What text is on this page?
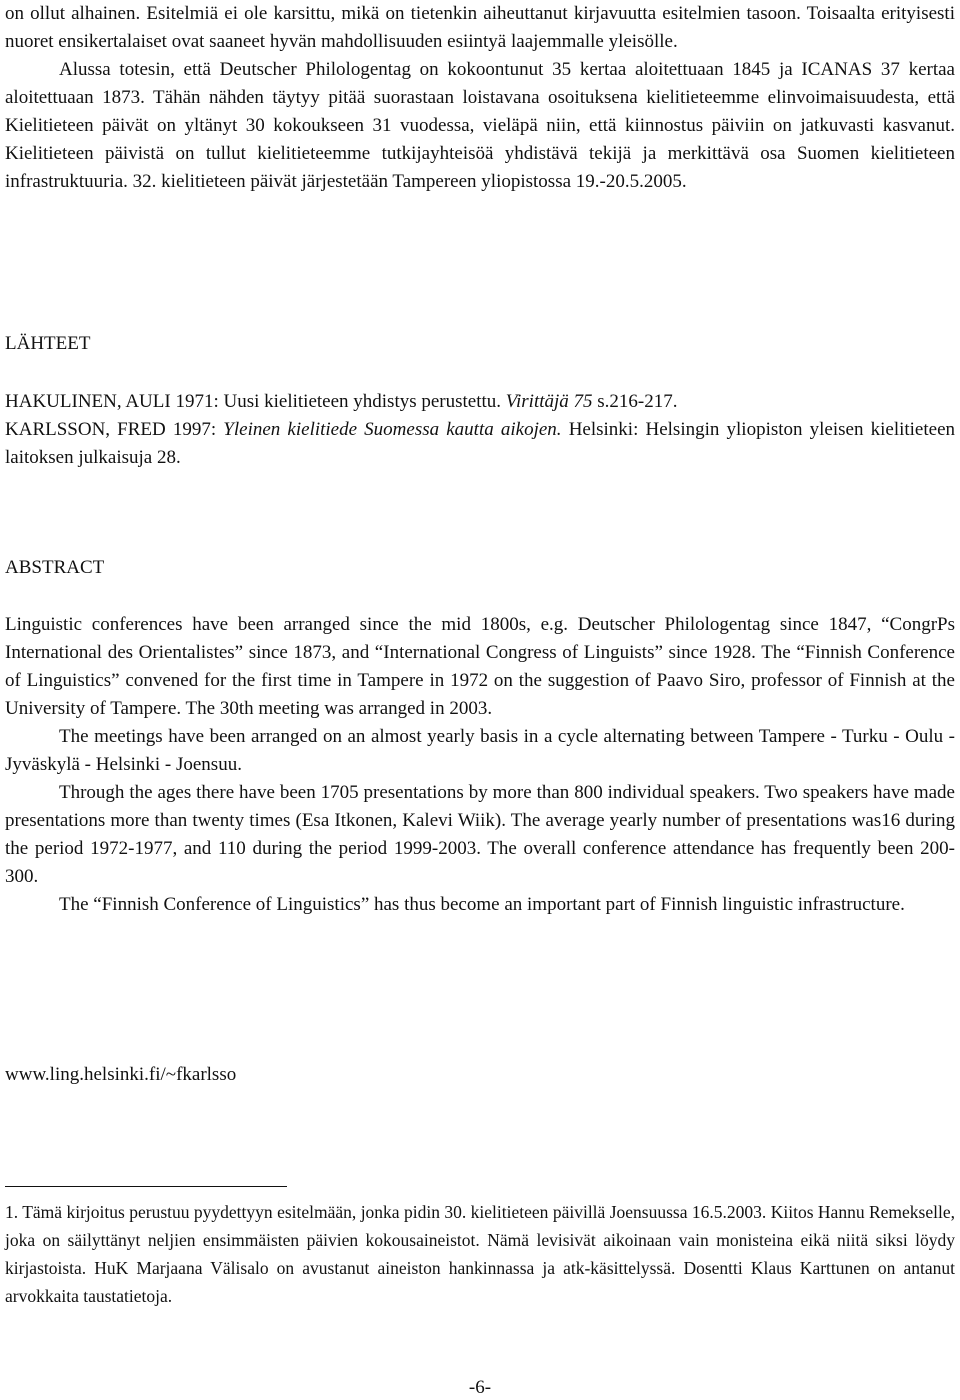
on ollut alhainen. Esitelmiä ei ole karsittu, mikä on tietenkin aiheuttanut kirjavuutta esitelmien tasoon. Toisaalta erityisesti nuoret ensikertalaiset ovat saaneet hyvän mahdollisuuden esiintyä laajemmalle yleisölle.

Alussa totesin, että Deutscher Philologentag on kokoontunut 35 kertaa aloitettuaan 1845 ja ICANAS 37 kertaa aloitettuaan 1873. Tähän nähden täytyy pitää suorastaan loistavana osoituksena kielitieteemme elinvoimaisuudesta, että Kielitieteen päivät on yltänyt 30 kokoukseen 31 vuodessa, vieläpä niin, että kiinnostus päiviin on jatkuvasti kasvanut. Kielitieteen päivistä on tullut kielitieteemme tutkijayhteisöä yhdistävä tekijä ja merkittävä osa Suomen kielitieteen infrastruktuuria. 32. kielitieteen päivät järjestetään Tampereen yliopistossa 19.-20.5.2005.

LÄHTEET

HAKULINEN, AULI 1971: Uusi kielitieteen yhdistys perustettu. Virittäjä 75 s.216-217.

KARLSSON, FRED 1997: Yleinen kielitiede Suomessa kautta aikojen. Helsinki: Helsingin yliopiston yleisen kielitieteen laitoksen julkaisuja 28.

ABSTRACT

Linguistic conferences have been arranged since the mid 1800s, e.g. Deutscher Philologentag since 1847, “CongrPs International des Orientalistes” since 1873, and “International Congress of Linguists” since 1928. The “Finnish Conference of Linguistics” convened for the first time in Tampere in 1972 on the suggestion of Paavo Siro, professor of Finnish at the University of Tampere. The 30th meeting was arranged in 2003.

The meetings have been arranged on an almost yearly basis in a cycle alternating between Tampere - Turku - Oulu - Jyväskylä - Helsinki - Joensuu.

Through the ages there have been 1705 presentations by more than 800 individual speakers. Two speakers have made presentations more than twenty times (Esa Itkonen, Kalevi Wiik). The average yearly number of presentations was16 during the period 1972-1977, and 110 during the period 1999-2003. The overall conference attendance has frequently been 200-300.

The “Finnish Conference of Linguistics” has thus become an important part of Finnish linguistic infrastructure.

www.ling.helsinki.fi/~fkarlsso

1. Tämä kirjoitus perustuu pyydettyyn esitelmään, jonka pidin 30. kielitieteen päivillä Joensuussa 16.5.2003. Kiitos Hannu Remekselle, joka on säilyttänyt neljien ensimmäisten päivien kokousaineistot. Nämä levisivät aikoinaan vain monisteina eikä niitä siksi löydy kirjastoista. HuK Marjaana Välisalo on avustanut aineiston hankinnassa ja atk-käsittelyssä. Dosentti Klaus Karttunen on antanut arvokkaita taustatietoja.

-6-
